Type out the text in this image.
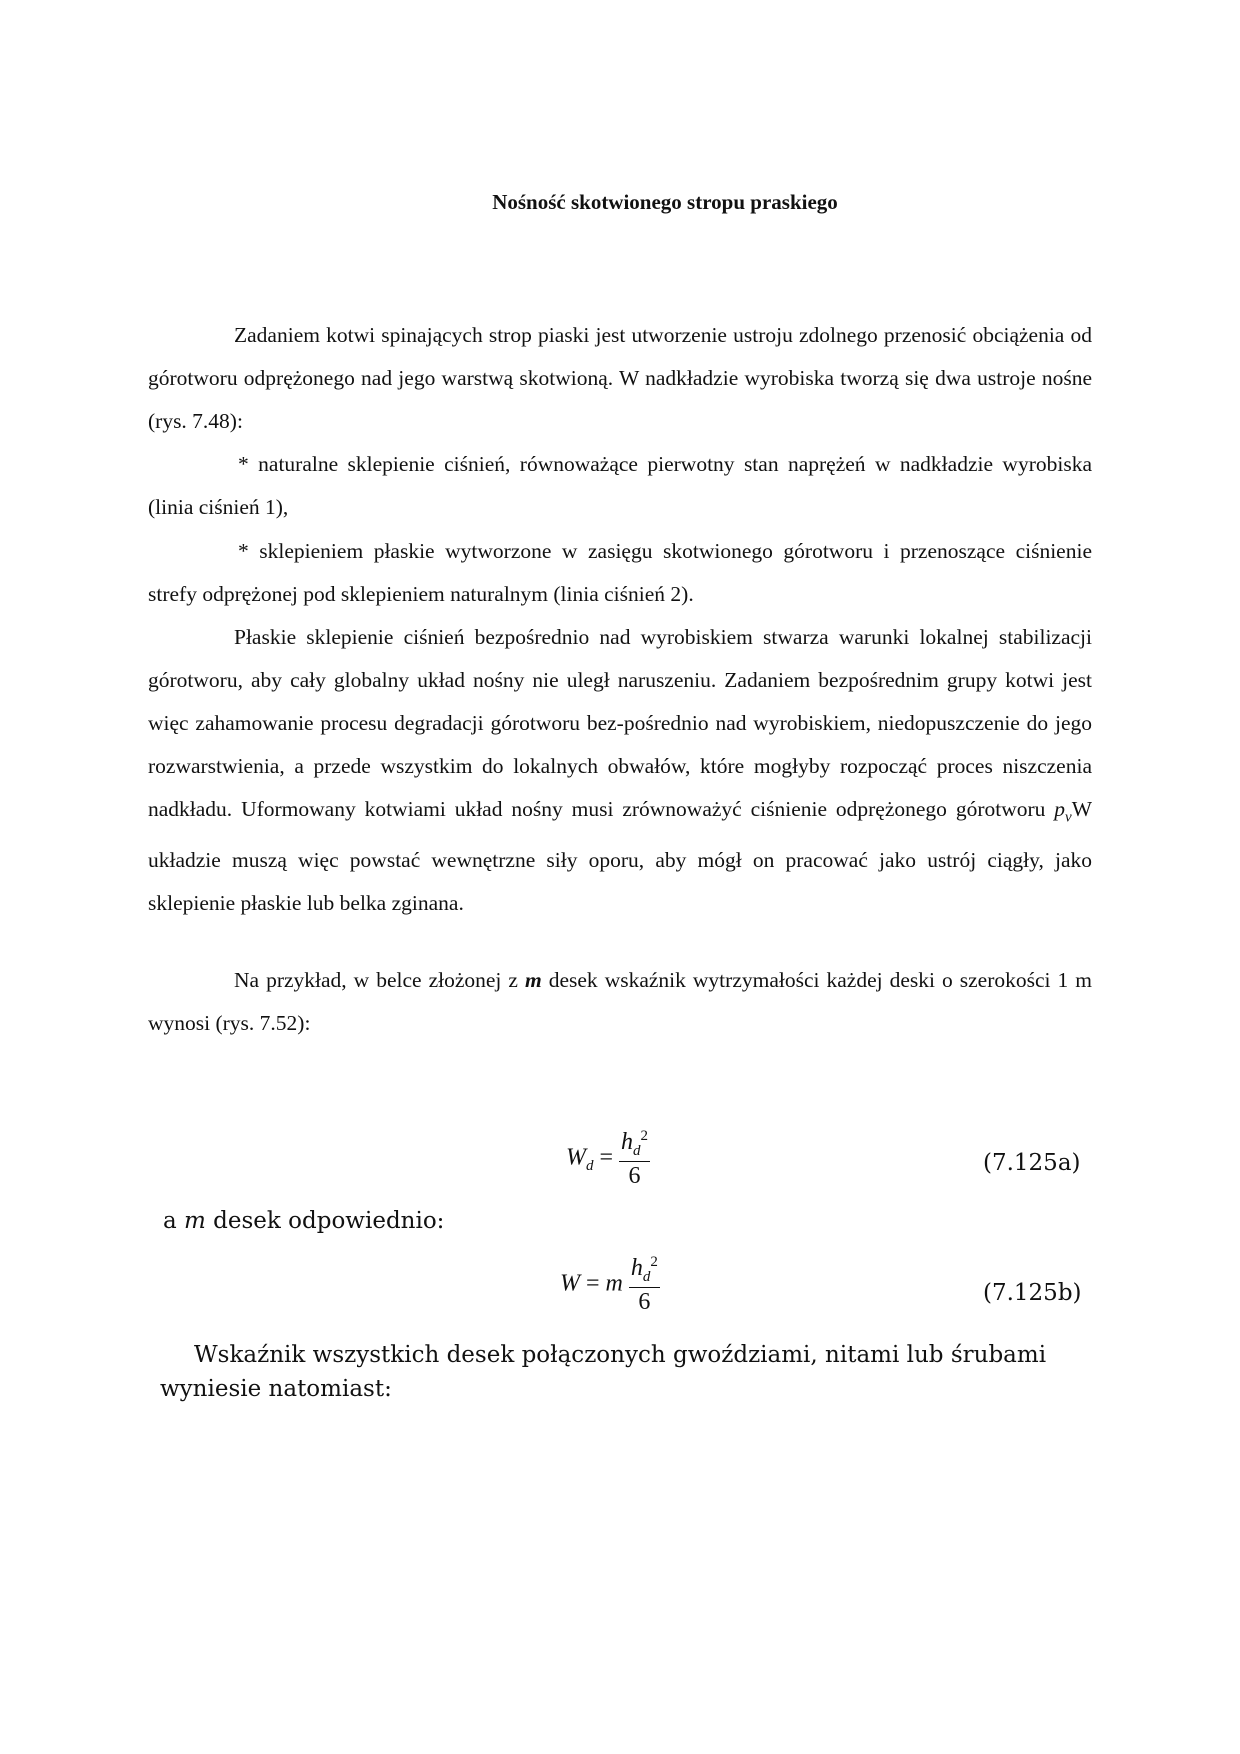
Nośność skotwionego stropu praskiego

Zadaniem kotwi spinających strop piaski jest utworzenie ustroju zdolnego przenosić obciążenia od górotworu odprężonego nad jego warstwą skotwioną. W nadkładzie wyrobiska tworzą się dwa ustroje nośne (rys. 7.48):

* naturalne sklepienie ciśnień, równoważące pierwotny stan naprężeń w nadkładzie wyrobiska (linia ciśnień 1),

* sklepieniem płaskie wytworzone w zasięgu skotwionego górotworu i przenoszące ciśnienie strefy odprężonej pod sklepieniem naturalnym (linia ciśnień 2).

Płaskie sklepienie ciśnień bezpośrednio nad wyrobiskiem stwarza warunki lokalnej stabilizacji górotworu, aby cały globalny układ nośny nie uległ naruszeniu. Zadaniem bezpośrednim grupy kotwi jest więc zahamowanie procesu degradacji górotworu bez-pośrednio nad wyrobiskiem, niedopuszczenie do jego rozwarstwienia, a przede wszystkim do lokalnych obwałów, które mogłyby rozpocząć proces niszczenia nadkładu. Uformowany kotwiami układ nośny musi zrównoważyć ciśnienie odprężonego górotworu $p_vW$ układzie muszą więc powstać wewnętrzne siły oporu, aby mógł on pracować jako ustrój ciągły, jako sklepienie płaskie lub belka zginana.

Na przykład, w belce złożonej z m desek wskaźnik wytrzymałości każdej deski o szerokości 1 m wynosi (rys. 7.52):

$W_d = \frac{h_d^2}{6}$	(7.125a)
a m desek odpowiednio:
W = m $\frac{h_d^2}{6}$	(7.125b)
Wskaźnik wszystkich desek połączonych gwoździami, nitami lub śrubami wyniesie natomiast:
